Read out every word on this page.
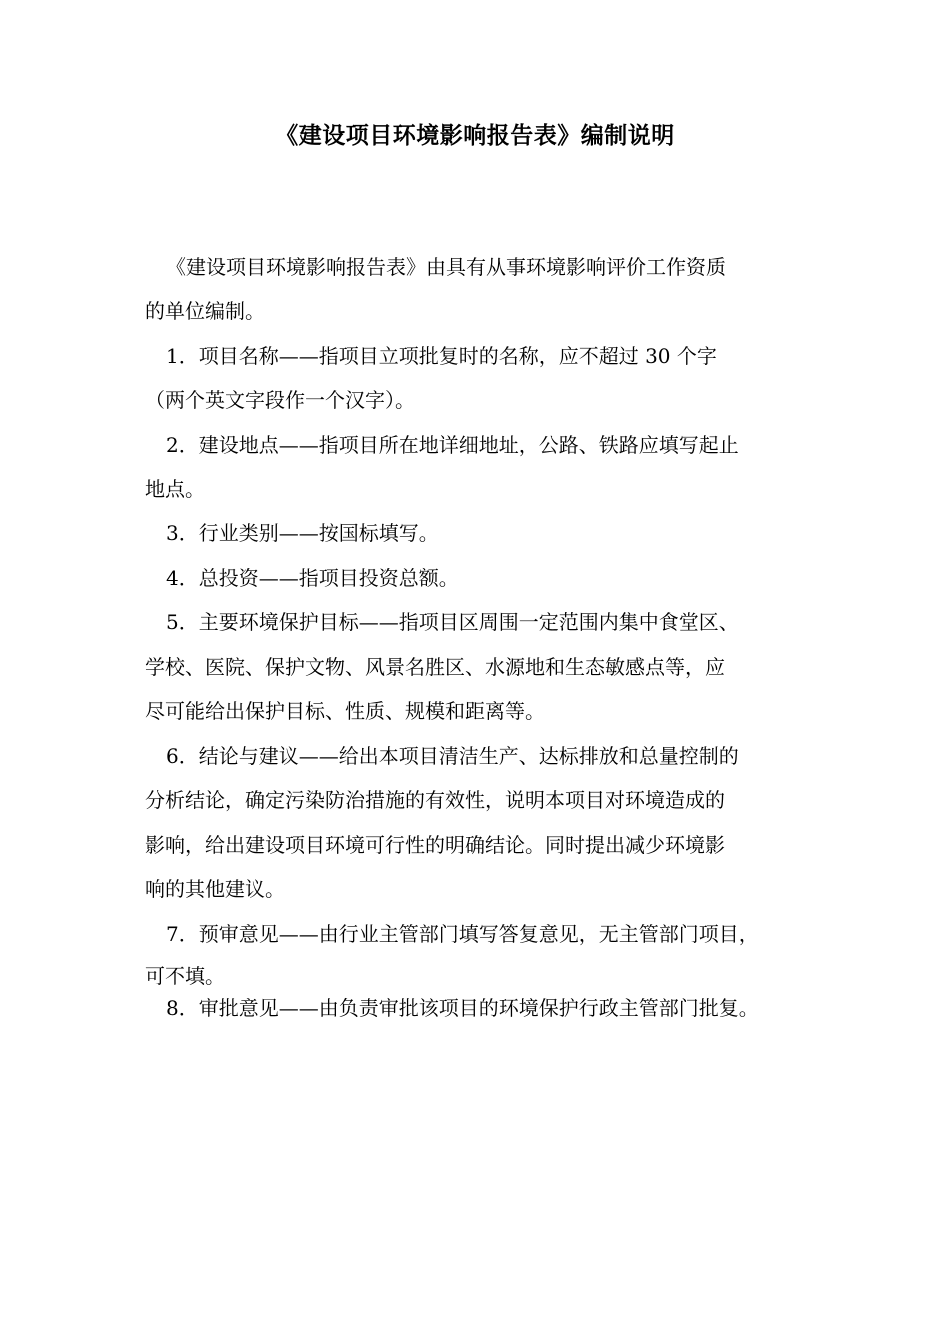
《建设项目环境影响报告表》编制说明
《建设项目环境影响报告表》由具有从事环境影响评价工作资质
的单位编制。
1．项目名称——指项目立项批复时的名称，应不超过 30 个字
（两个英文字段作一个汉字）。
2．建设地点——指项目所在地详细地址，公路、铁路应填写起止
地点。
3．行业类别——按国标填写。
4．总投资——指项目投资总额。
5．主要环境保护目标——指项目区周围一定范围内集中食堂区、
学校、医院、保护文物、风景名胜区、水源地和生态敏感点等，应
尽可能给出保护目标、性质、规模和距离等。
6．结论与建议——给出本项目清洁生产、达标排放和总量控制的
分析结论，确定污染防治措施的有效性，说明本项目对环境造成的
影响，给出建设项目环境可行性的明确结论。同时提出减少环境影
响的其他建议。
7．预审意见——由行业主管部门填写答复意见，无主管部门项目，
可不填。
8．审批意见——由负责审批该项目的环境保护行政主管部门批复。
